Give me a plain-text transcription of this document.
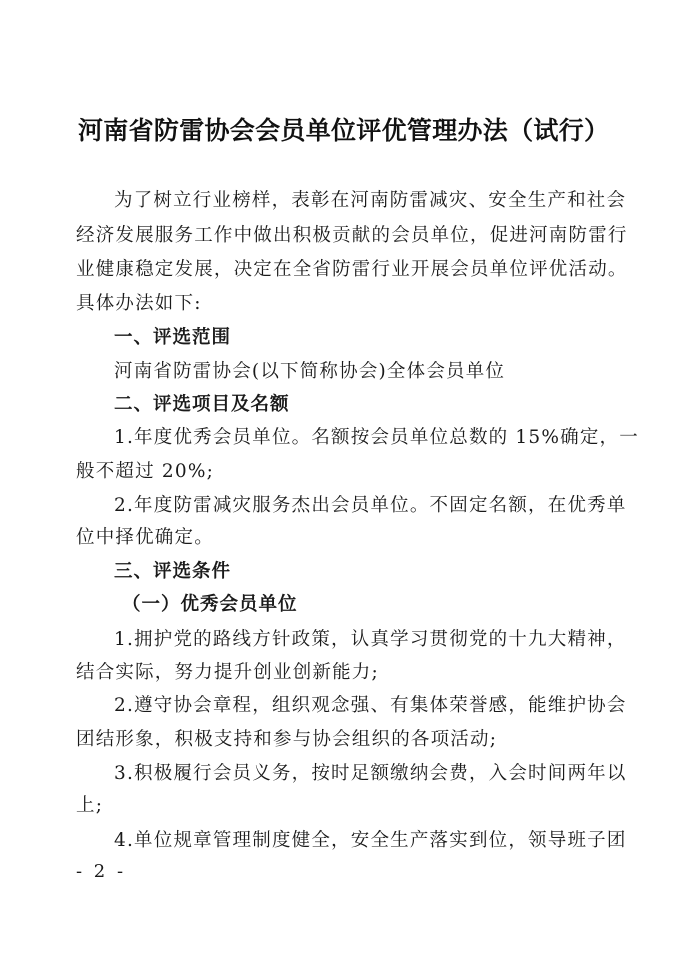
河南省防雷协会会员单位评优管理办法（试行）
为了树立行业榜样，表彰在河南防雷减灾、安全生产和社会
经济发展服务工作中做出积极贡献的会员单位，促进河南防雷行
业健康稳定发展，决定在全省防雷行业开展会员单位评优活动。
具体办法如下:
一、评选范围
河南省防雷协会(以下简称协会)全体会员单位
二、评选项目及名额
1.年度优秀会员单位。名额按会员单位总数的 15%确定，一
般不超过 20%;
2.年度防雷减灾服务杰出会员单位。不固定名额，在优秀单
位中择优确定。
三、评选条件
（一）优秀会员单位
1.拥护党的路线方针政策，认真学习贯彻党的十九大精神，
结合实际，努力提升创业创新能力;
2.遵守协会章程，组织观念强、有集体荣誉感，能维护协会
团结形象，积极支持和参与协会组织的各项活动;
3.积极履行会员义务，按时足额缴纳会费，入会时间两年以
上;
4.单位规章管理制度健全，安全生产落实到位，领导班子团
- 2 -
